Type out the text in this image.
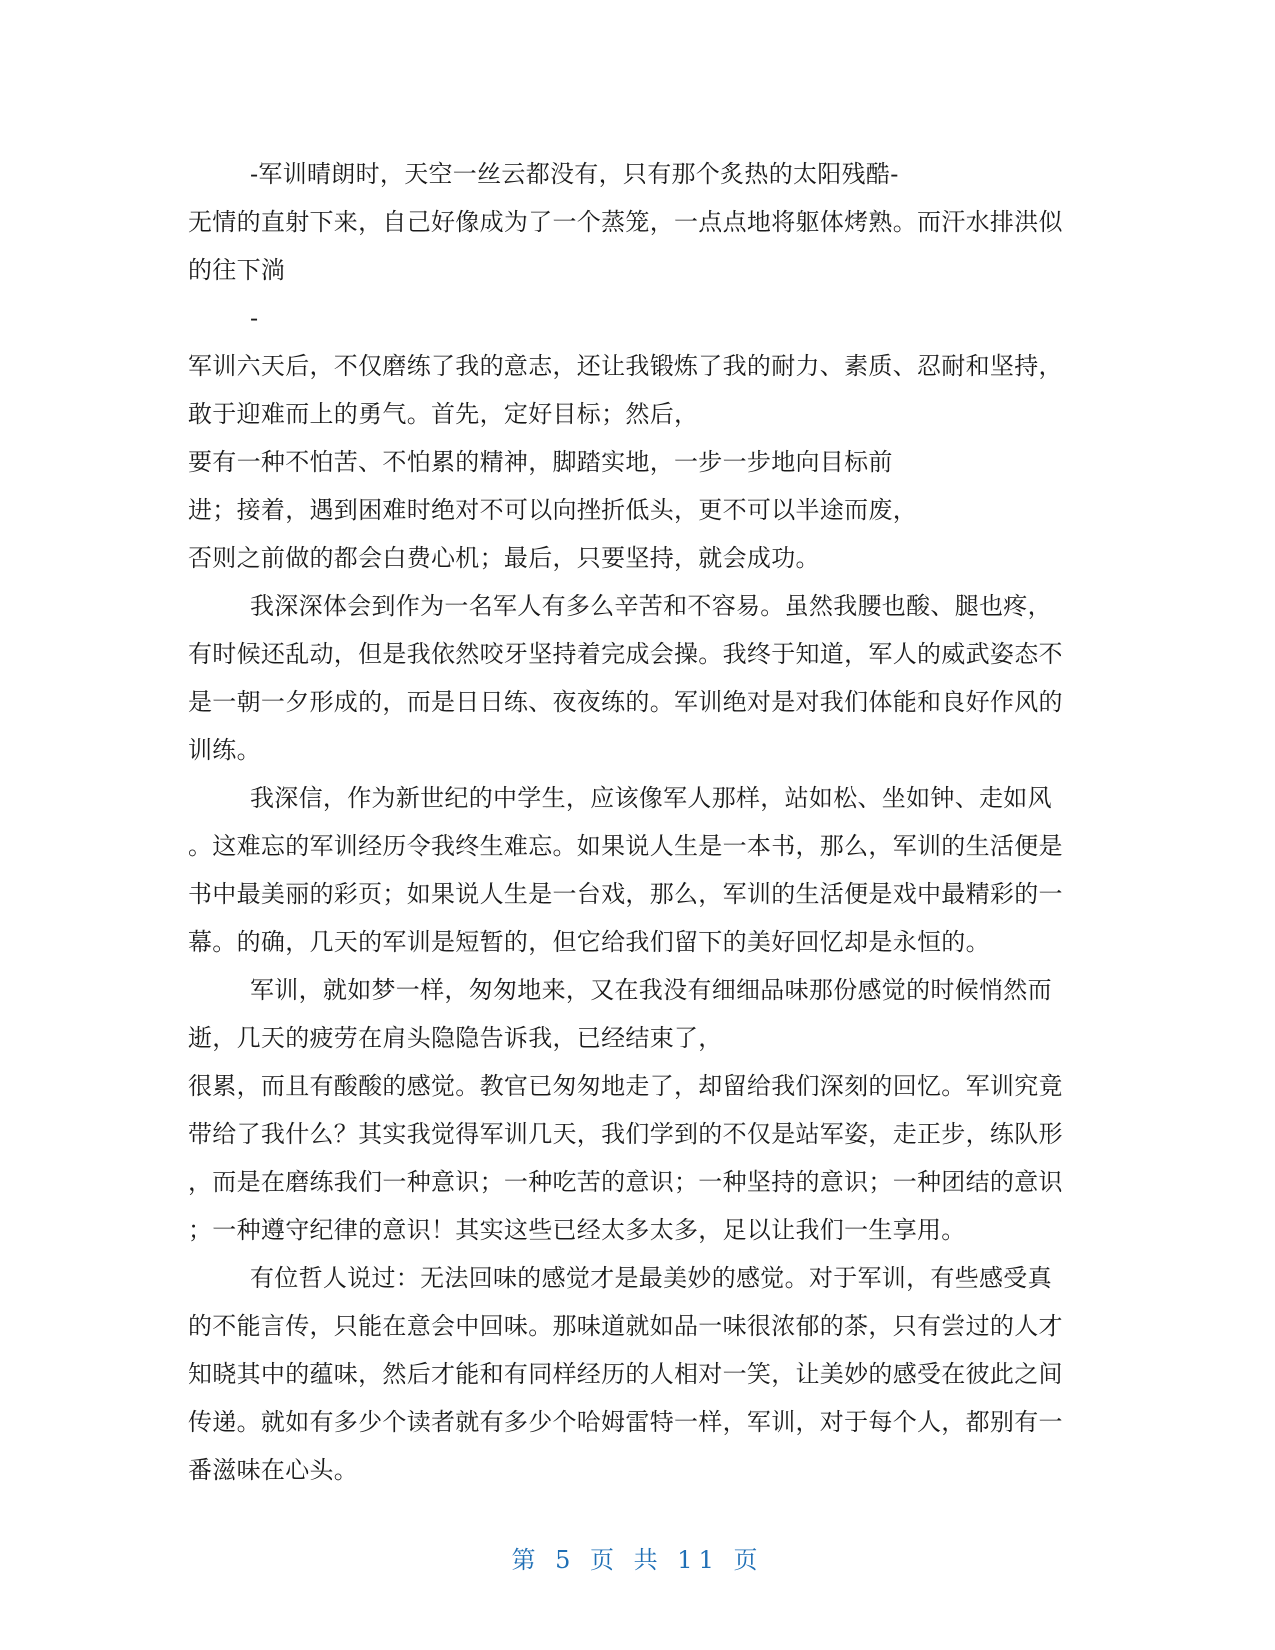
-军训晴朗时，天空一丝云都没有，只有那个炙热的太阳残酷-
无情的直射下来，自己好像成为了一个蒸笼，一点点地将躯体烤熟。而汗水排洪似
的往下淌
-
军训六天后，不仅磨练了我的意志，还让我锻炼了我的耐力、素质、忍耐和坚持，
敢于迎难而上的勇气。首先，定好目标；然后，
要有一种不怕苦、不怕累的精神，脚踏实地，一步一步地向目标前
进；接着，遇到困难时绝对不可以向挫折低头，更不可以半途而废，
否则之前做的都会白费心机；最后，只要坚持，就会成功。
我深深体会到作为一名军人有多么辛苦和不容易。虽然我腰也酸、腿也疼，
有时候还乱动，但是我依然咬牙坚持着完成会操。我终于知道，军人的威武姿态不
是一朝一夕形成的，而是日日练、夜夜练的。军训绝对是对我们体能和良好作风的
训练。
我深信，作为新世纪的中学生，应该像军人那样，站如松、坐如钟、走如风
。这难忘的军训经历令我终生难忘。如果说人生是一本书，那么，军训的生活便是
书中最美丽的彩页；如果说人生是一台戏，那么，军训的生活便是戏中最精彩的一
幕。的确，几天的军训是短暂的，但它给我们留下的美好回忆却是永恒的。
军训，就如梦一样，匆匆地来，又在我没有细细品味那份感觉的时候悄然而
逝，几天的疲劳在肩头隐隐告诉我，已经结束了，
很累，而且有酸酸的感觉。教官已匆匆地走了，却留给我们深刻的回忆。军训究竟
带给了我什么？其实我觉得军训几天，我们学到的不仅是站军姿，走正步，练队形
，而是在磨练我们一种意识；一种吃苦的意识；一种坚持的意识；一种团结的意识
；一种遵守纪律的意识！其实这些已经太多太多，足以让我们一生享用。
有位哲人说过：无法回味的感觉才是最美妙的感觉。对于军训，有些感受真
的不能言传，只能在意会中回味。那味道就如品一味很浓郁的茶，只有尝过的人才
知晓其中的蕴味，然后才能和有同样经历的人相对一笑，让美妙的感受在彼此之间
传递。就如有多少个读者就有多少个哈姆雷特一样，军训，对于每个人，都别有一
番滋味在心头。
第 5 页 共 11 页
